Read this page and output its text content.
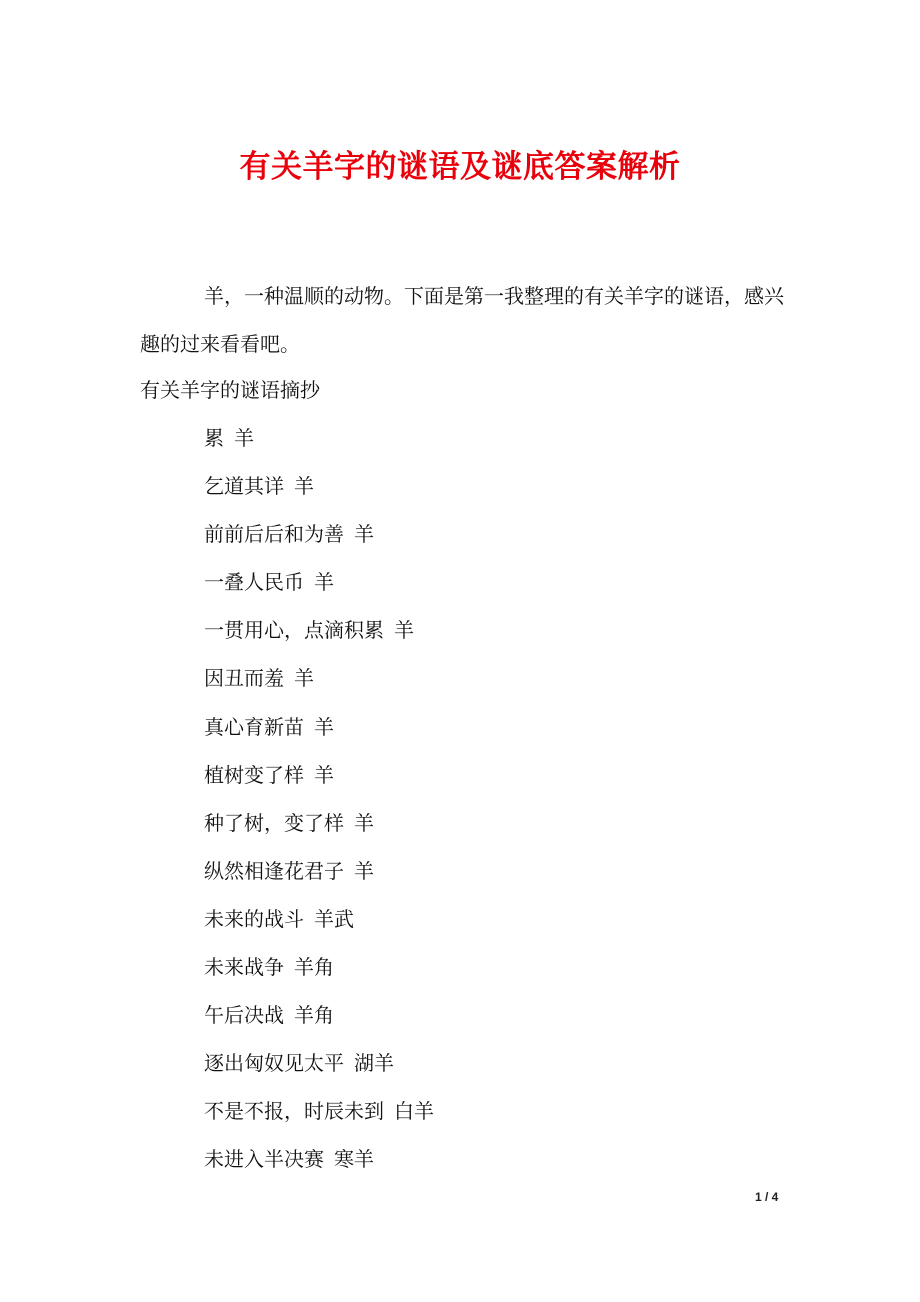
有关羊字的谜语及谜底答案解析

羊，一种温顺的动物。下面是第一我整理的有关羊字的谜语，感兴趣的过来看看吧。

有关羊字的谜语摘抄
累 羊
乞道其详 羊
前前后后和为善 羊
一叠人民币 羊
一贯用心，点滴积累 羊
因丑而羞 羊
真心育新苗 羊
植树变了样 羊
种了树，变了样 羊
纵然相逢花君子 羊
未来的战斗 羊武
未来战争 羊角
午后决战 羊角
逐出匈奴见太平 湖羊
不是不报，时辰未到 白羊
未进入半决赛 寒羊
1 / 4
